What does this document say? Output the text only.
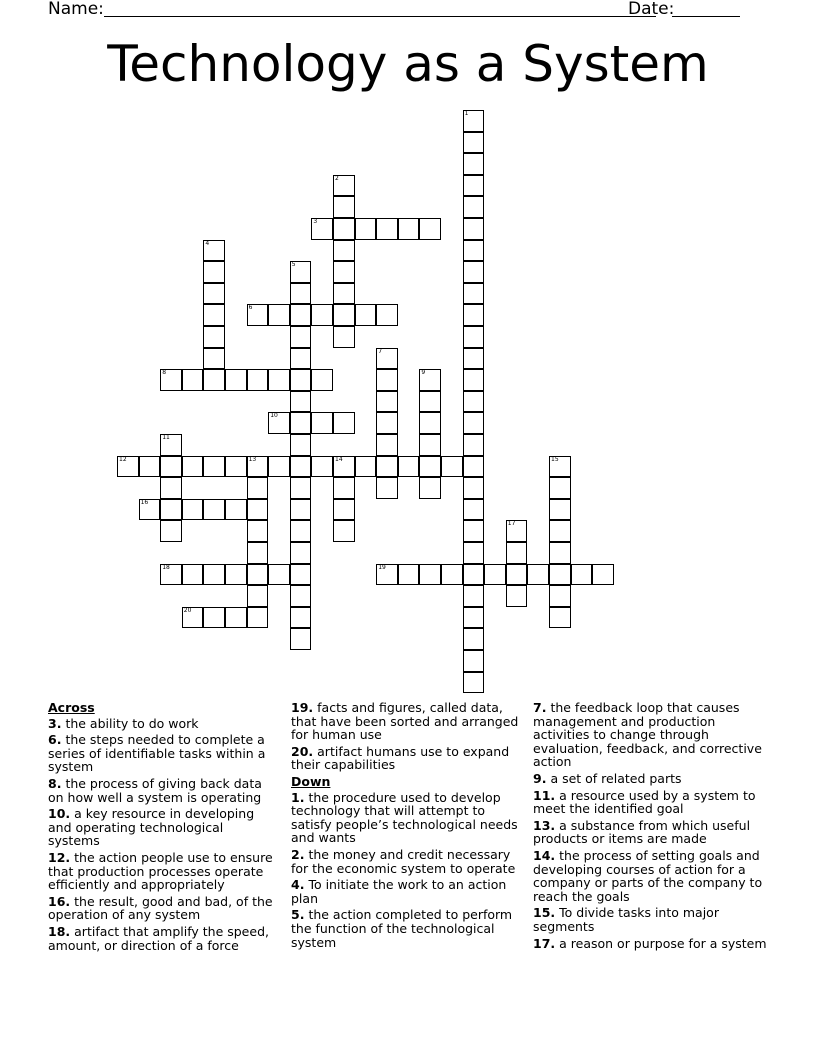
Name:	Date:
Technology as a System
1
2
3
4
5
6
7
8	9
10
11
12	13	14	15
16
17
18	19
20
Across
3. the ability to do work
6. the steps needed to complete a series of identifiable tasks within a system
8. the process of giving back data on how well a system is operating
10. a key resource in developing and operating technological systems
12. the action people use to ensure that production processes operate efficiently and appropriately
16. the result, good and bad, of the operation of any system
18. artifact that amplify the speed, amount, or direction of a force
19. facts and figures, called data, that have been sorted and arranged for human use
20. artifact humans use to expand their capabilities
Down
1. the procedure used to develop technology that will attempt to satisfy people’s technological needs and wants
2. the money and credit necessary for the economic system to operate
4. To initiate the work to an action plan
5. the action completed to perform the function of the technological system
7. the feedback loop that causes management and production activities to change through evaluation, feedback, and corrective action
9. a set of related parts
11. a resource used by a system to meet the identified goal
13. a substance from which useful products or items are made
14. the process of setting goals and developing courses of action for a company or parts of the company to reach the goals
15. To divide tasks into major segments
17. a reason or purpose for a system
